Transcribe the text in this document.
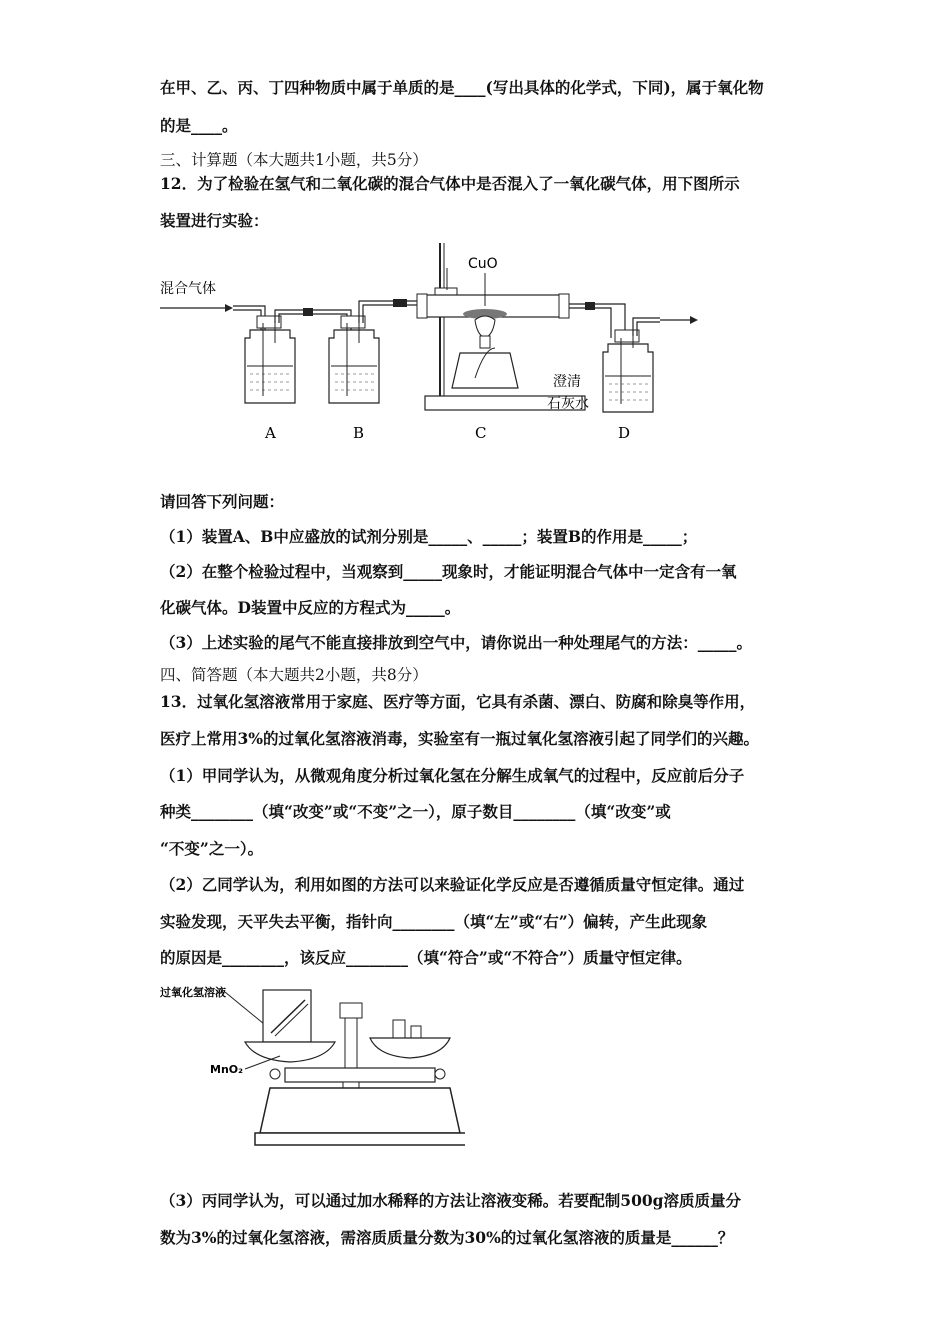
在甲、乙、丙、丁四种物质中属于单质的是____(写出具体的化学式，下同)，属于氧化物
的是____。
三、计算题（本大题共1小题，共5分）
12．为了检验在氢气和二氧化碳的混合气体中是否混入了一氧化碳气体，用下图所示
装置进行实验：
混合气体
CuO
澄清
石灰水
A	B	C	D
请回答下列问题：
（1）装置A、B中应盛放的试剂分别是_____、_____；装置B的作用是_____；
（2）在整个检验过程中，当观察到_____现象时，才能证明混合气体中一定含有一氧
化碳气体。D装置中反应的方程式为_____。
（3）上述实验的尾气不能直接排放到空气中，请你说出一种处理尾气的方法：_____。
四、简答题（本大题共2小题，共8分）
13．过氧化氢溶液常用于家庭、医疗等方面，它具有杀菌、漂白、防腐和除臭等作用，
医疗上常用3%的过氧化氢溶液消毒，实验室有一瓶过氧化氢溶液引起了同学们的兴趣。
（1）甲同学认为，从微观角度分析过氧化氢在分解生成氧气的过程中，反应前后分子
种类________（填“改变”或“不变”之一），原子数目________（填“改变”或
“不变”之一）。
（2）乙同学认为，利用如图的方法可以来验证化学反应是否遵循质量守恒定律。通过
实验发现，天平失去平衡，指针向________（填“左”或“右”）偏转，产生此现象
的原因是________，该反应________（填“符合”或“不符合”）质量守恒定律。
过氧化氢溶液
MnO₂
（3）丙同学认为，可以通过加水稀释的方法让溶液变稀。若要配制500g溶质质量分
数为3%的过氧化氢溶液，需溶质质量分数为30%的过氧化氢溶液的质量是______？
